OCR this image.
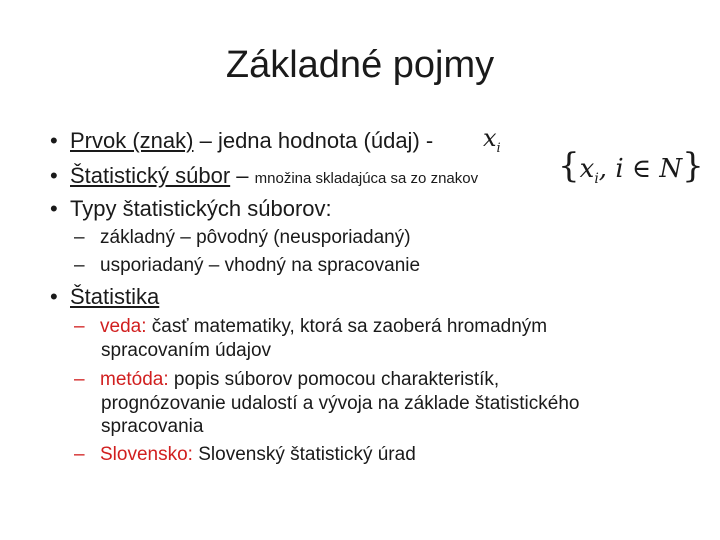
Základné pojmy
• Prvok (znak) – jedna hodnota (údaj) - $x_i$
• Štatistický súbor – množina skladajúca sa zo znakov {$x_i$, i ∈ N}
• Typy štatistických súborov:
– základný – pôvodný (neusporiadaný)
– usporiadaný – vhodný na spracovanie
• Štatistika
– veda: časť matematiky, ktorá sa zaoberá hromadným
spracovaním údajov
– metóda: popis súborov pomocou charakteristík,
prognózovanie udalostí a vývoja na základe štatistického
spracovania
– Slovensko: Slovenský štatistický úrad
